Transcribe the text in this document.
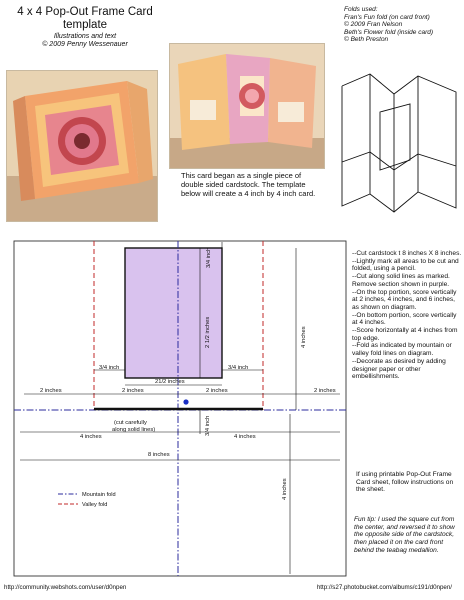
4 x 4 Pop-Out Frame Card template
Illustrations and text
© 2009 Penny Wessenauer
Folds used:
Fran's Fun fold (on card front)
© 2009 Fran Nelson
Beth's Flower fold (inside card)
© Beth Preston
This card began as a single piece of double sided cardstock. The template below will create a 4 inch by 4 inch card.
3/4 inch
2 1/2 inches	4 inches
3/4 inch
21/2 inches
3/4 inch
2 inches	2 inches	2 inches	2 inches
(cut carefully
along solid lines)	3/4 inch
4 inches	4 inches
8 inches
4 inches
Mountain fold
Valley fold
--Cut cardstock t 8 inches X 8 inches.
--Lightly mark all areas to be cut and folded, using a pencil.
--Cut along solid lines as marked. Remove section shown in purple.
--On the top portion, score vertically at 2 inches, 4 inches, and 6 inches, as shown on diagram.
--On bottom portion, score vertically at 4 inches.
--Score horizontally at 4 inches from top edge.
--Fold as indicated by mountain or valley fold lines on diagram.
--Decorate as desired by adding designer paper or other embellishments.
If using printable Pop-Out Frame Card sheet, follow instructions on the sheet.
Fun tip: I used the square cut from the center, and reversed it to show the opposite side of the cardstock, then placed it on the card front behind the teabag medallion.
http://community.webshots.com/user/d0npen	http://s27.photobucket.com/albums/c191/d0npen/
